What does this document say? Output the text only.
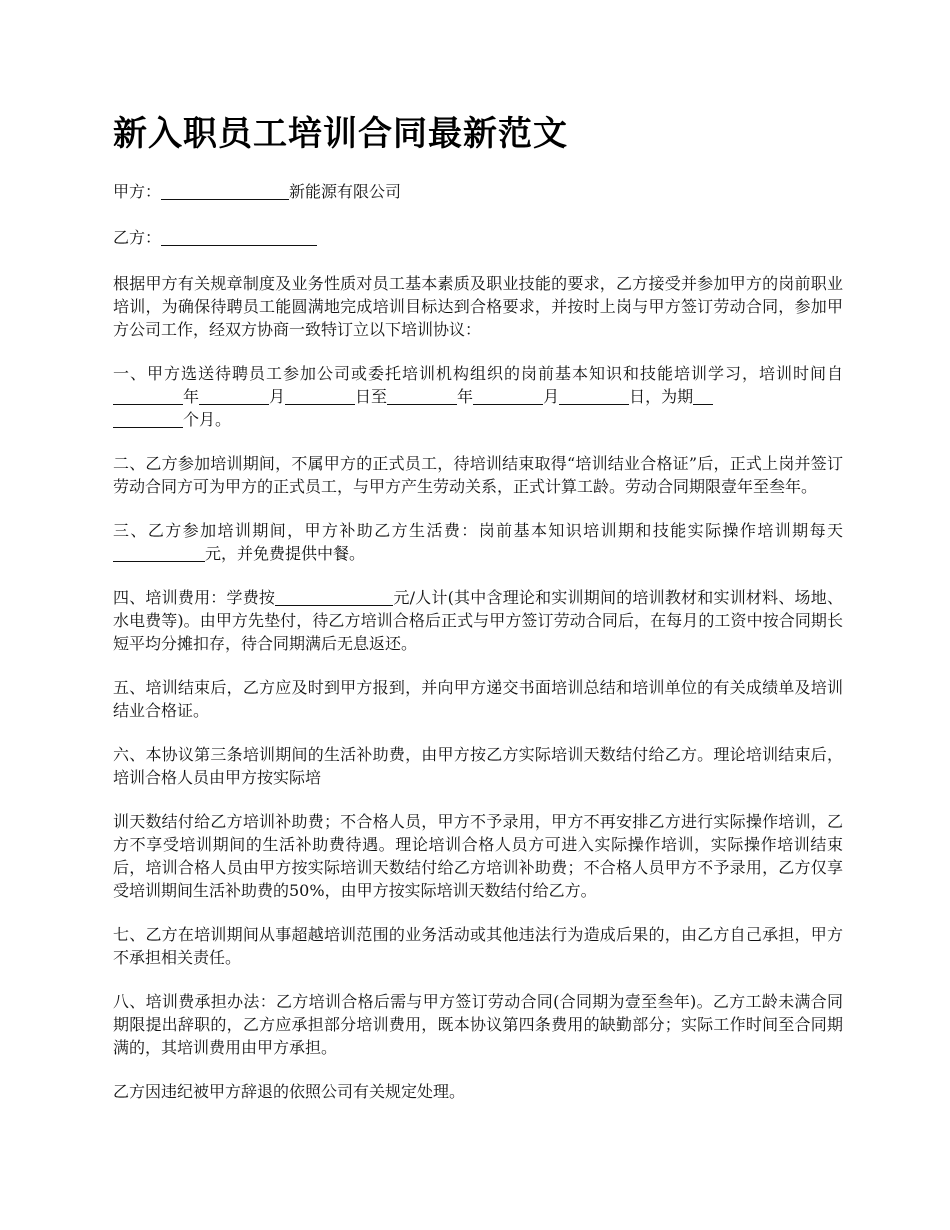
新入职员工培训合同最新范文

甲方：	新能源有限公司

乙方：

根据甲方有关规章制度及业务性质对员工基本素质及职业技能的要求，乙方接受并参加甲方的岗前职业培训，为确保待聘员工能圆满地完成培训目标达到合格要求，并按时上岗与甲方签订劳动合同，参加甲方公司工作，经双方协商一致特订立以下培训协议：

一、甲方选送待聘员工参加公司或委托培训机构组织的岗前基本知识和技能培训学习，培训时间自年	月	日至	年	月	日，为期
个月。

二、乙方参加培训期间，不属甲方的正式员工，待培训结束取得“培训结业合格证”后，正式上岗并签订劳动合同方可为甲方的正式员工，与甲方产生劳动关系，正式计算工龄。劳动合同期限壹年至叁年。

三、乙方参加培训期间，甲方补助乙方生活费：岗前基本知识培训期和技能实际操作培训期每天元，并免费提供中餐。

四、培训费用：学费按	元/人计(其中含理论和实训期间的培训教材和实训材料、场地、水电费等)。由甲方先垫付，待乙方培训合格后正式与甲方签订劳动合同后，在每月的工资中按合同期长短平均分摊扣存，待合同期满后无息返还。

五、培训结束后，乙方应及时到甲方报到，并向甲方递交书面培训总结和培训单位的有关成绩单及培训结业合格证。

六、本协议第三条培训期间的生活补助费，由甲方按乙方实际培训天数结付给乙方。理论培训结束后，培训合格人员由甲方按实际培

训天数结付给乙方培训补助费；不合格人员，甲方不予录用，甲方不再安排乙方进行实际操作培训，乙方不享受培训期间的生活补助费待遇。理论培训合格人员方可进入实际操作培训，实际操作培训结束后，培训合格人员由甲方按实际培训天数结付给乙方培训补助费；不合格人员甲方不予录用，乙方仅享受培训期间生活补助费的50%，由甲方按实际培训天数结付给乙方。

七、乙方在培训期间从事超越培训范围的业务活动或其他违法行为造成后果的，由乙方自己承担，甲方不承担相关责任。

八、培训费承担办法：乙方培训合格后需与甲方签订劳动合同(合同期为壹至叁年)。乙方工龄未满合同期限提出辞职的，乙方应承担部分培训费用，既本协议第四条费用的缺勤部分；实际工作时间至合同期满的，其培训费用由甲方承担。

乙方因违纪被甲方辞退的依照公司有关规定处理。
